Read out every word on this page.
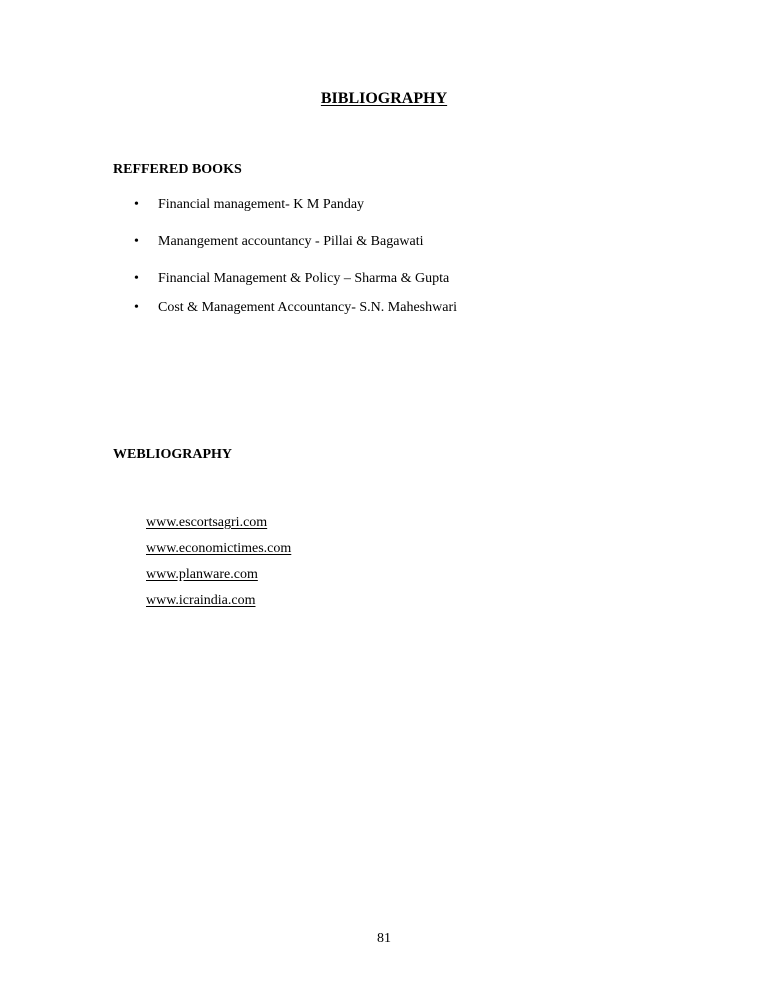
BIBLIOGRAPHY
REFFERED BOOKS
•	Financial management- K M Panday
•	Manangement accountancy - Pillai & Bagawati
•	Financial Management & Policy – Sharma & Gupta
•	Cost & Management Accountancy- S.N. Maheshwari
WEBLIOGRAPHY
www.escortsagri.com
www.economictimes.com
www.planware.com
www.icraindia.com
81
